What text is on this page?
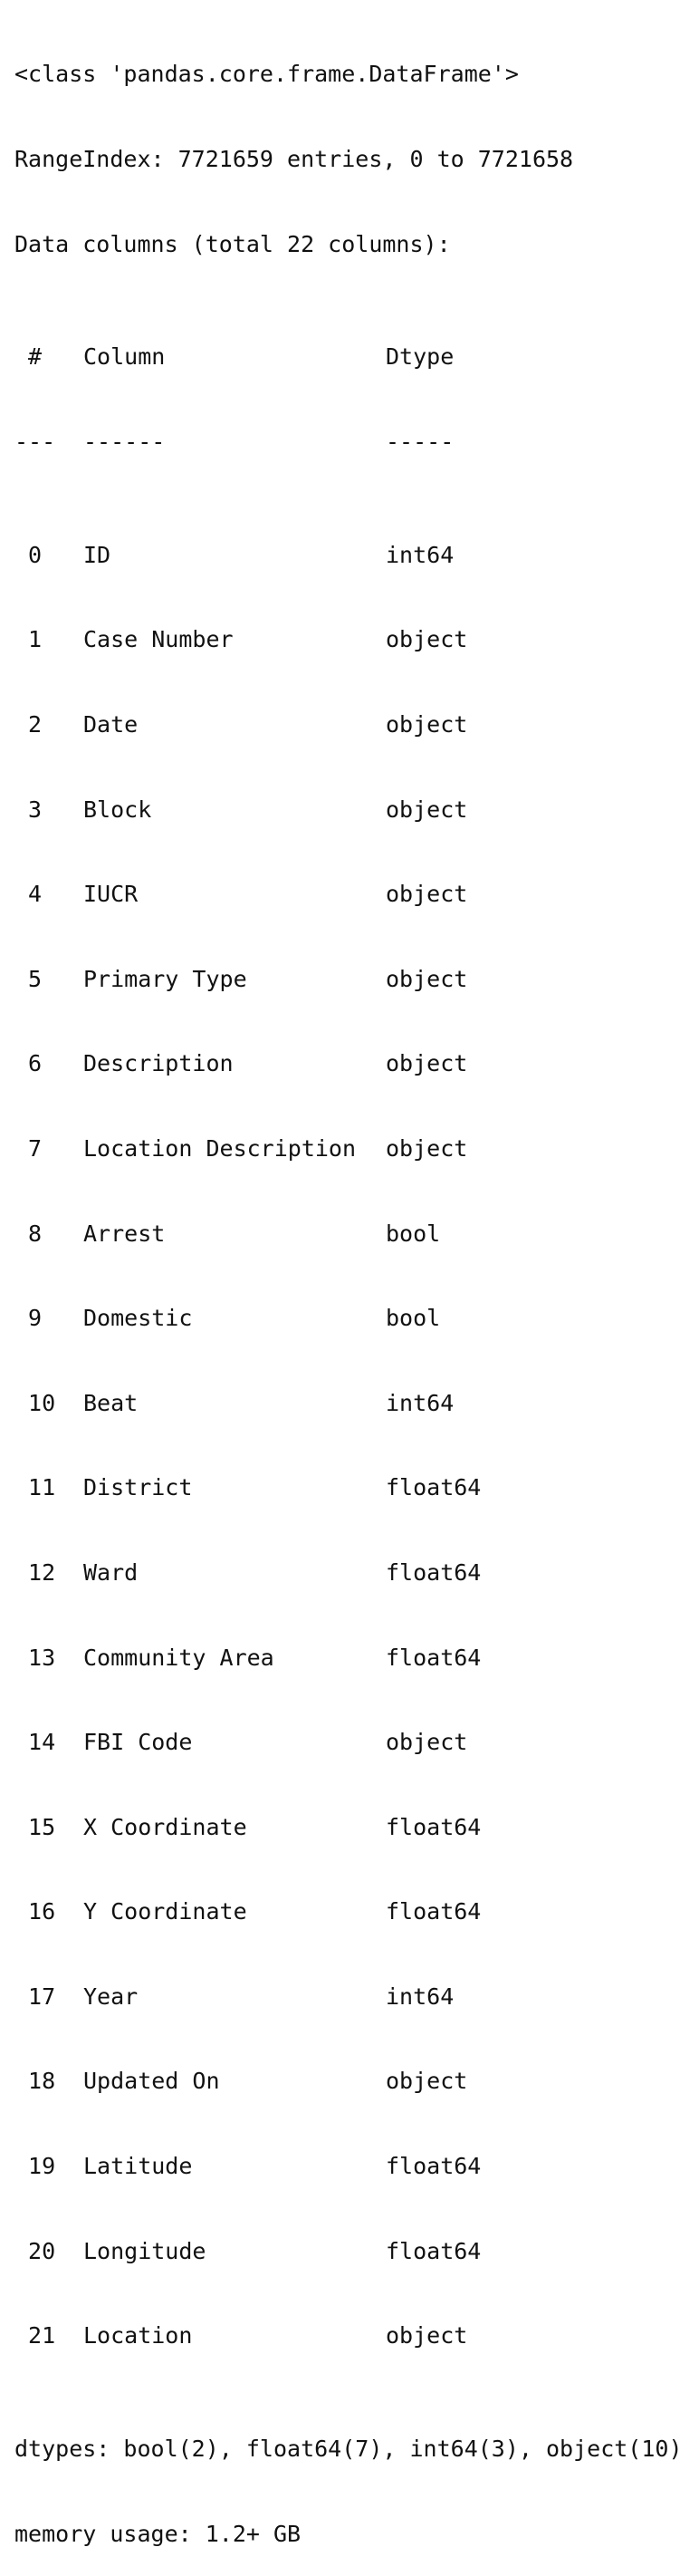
<class 'pandas.core.frame.DataFrame'>

RangeIndex: 7721659 entries, 0 to 7721658

Data columns (total 22 columns):

#	Column	Dtype

---	------	-----

0	ID	int64

1	Case Number	object

2	Date	object

3	Block	object

4	IUCR	object

5	Primary Type	object

6	Description	object

7	Location Description	object

8	Arrest	bool

9	Domestic	bool

10	Beat	int64

11	District	float64

12	Ward	float64

13	Community Area	float64

14	FBI Code	object

15	X Coordinate	float64

16	Y Coordinate	float64

17	Year	int64

18	Updated On	object

19	Latitude	float64

20	Longitude	float64

21	Location	object

dtypes: bool(2), float64(7), int64(3), object(10)

memory usage: 1.2+ GB
